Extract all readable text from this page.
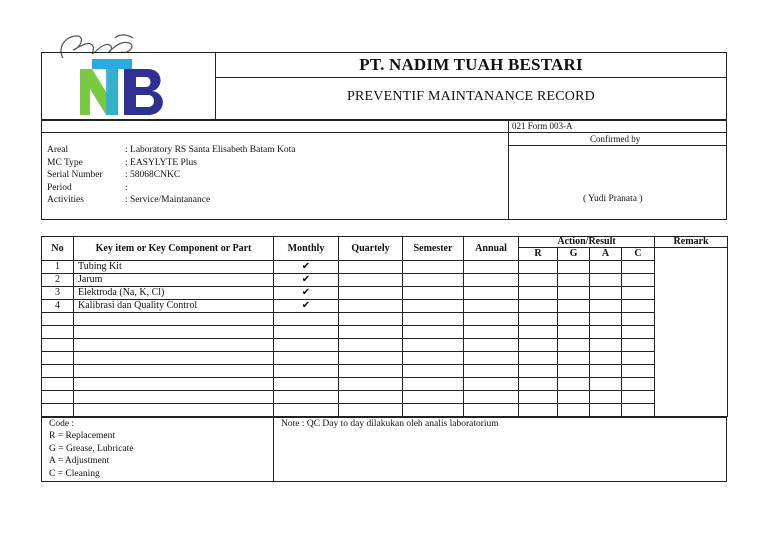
PT. NADIM TUAH BESTARI
PREVENTIF MAINTANANCE RECORD
021 Form 003-A
Confirmed by
( Yudi Pranata )
Areal	: Laboratory RS Santa Elisabeth Batam Kota
MC Type	: EASYLYTE Plus
Serial Number : 58068CNKC
Period	:
Activities	: Service/Maintanance
No	Key item or Key Component or Part	Monthly	Quartely	Semester	Annual	Action/Result				Remark
						R	G	A	C	
1	Tubing Kit	✔								
2	Jarum	✔								
3	Elektroda (Na, K, Cl)	✔								
4	Kalibrasi dan Quality Control	✔								

Code :
R = Replacement
G = Grease, Lubricate
A = Adjustment
C = Cleaning
Note : QC Day to day dilakukan oleh analis laboratorium
